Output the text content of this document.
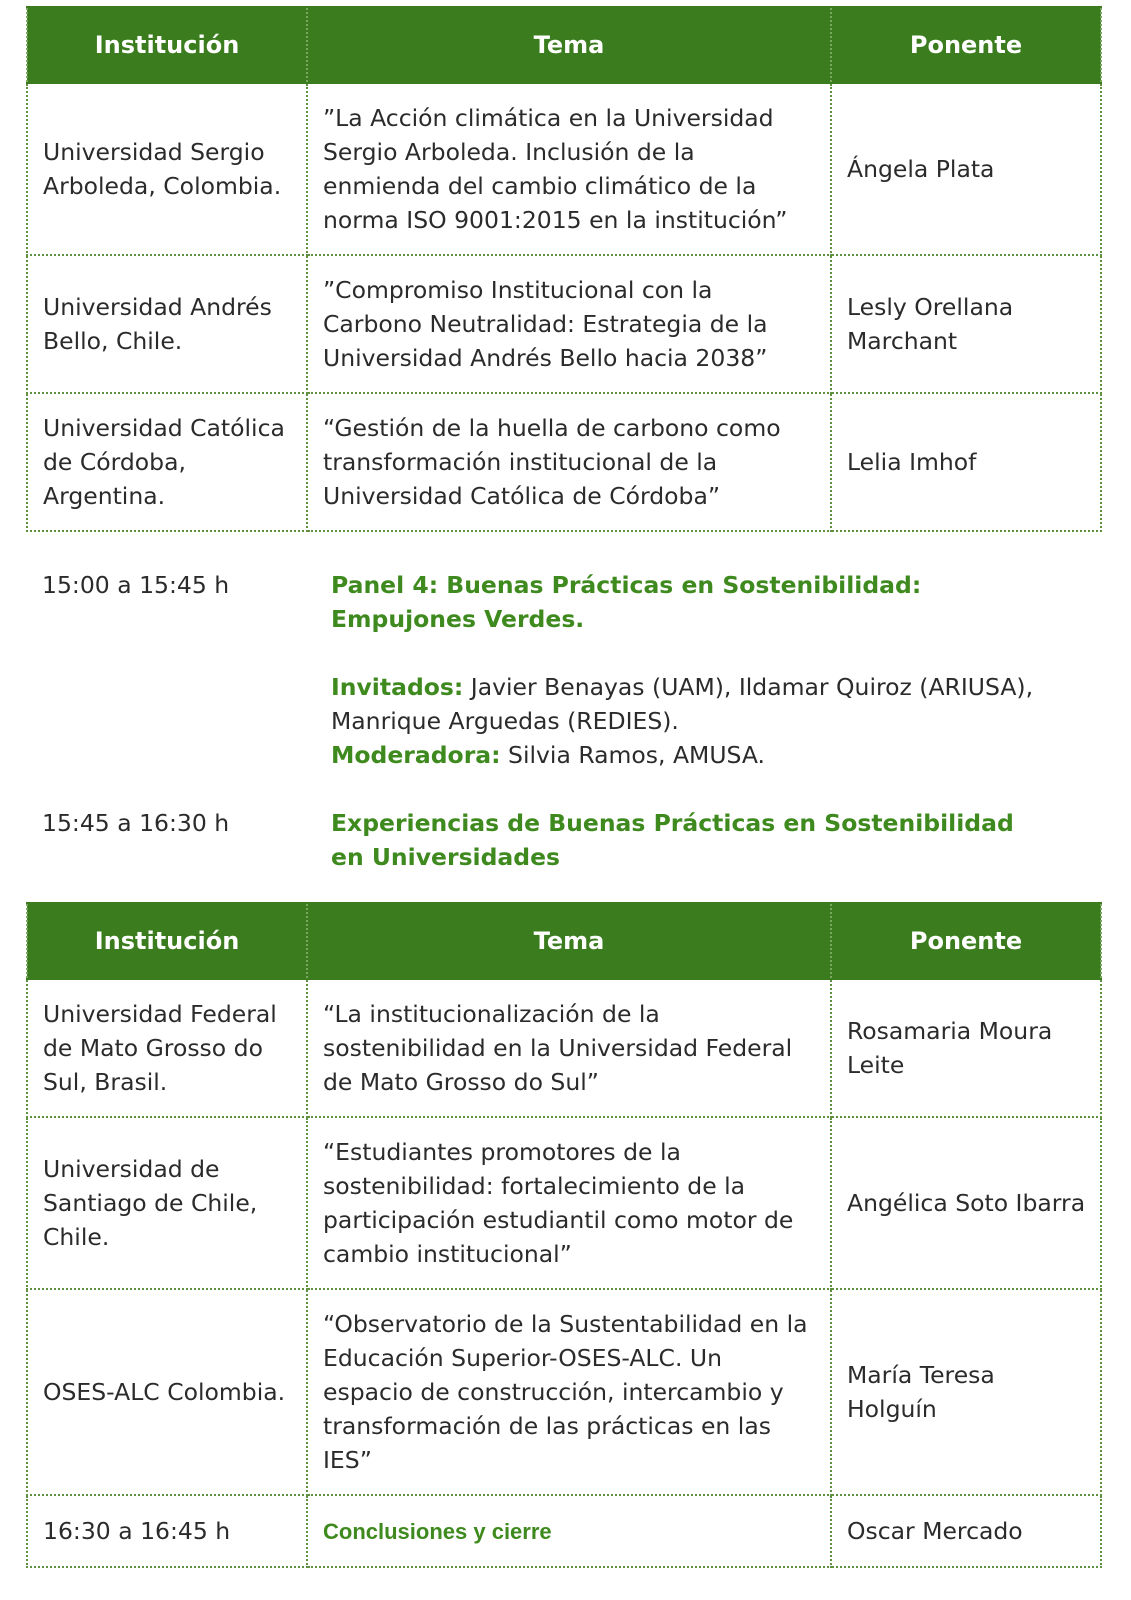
Institución	Tema	Ponente
Universidad Sergio Arboleda, Colombia.	”La Acción climática en la Universidad Sergio Arboleda. Inclusión de la enmienda del cambio climático de la norma ISO 9001:2015 en la institución”	Ángela Plata
Universidad Andrés Bello, Chile.	”Compromiso Institucional con la Carbono Neutralidad: Estrategia de la Universidad Andrés Bello hacia 2038”	Lesly Orellana Marchant
Universidad Católica de Córdoba, Argentina.	“Gestión de la huella de carbono como transformación institucional de la Universidad Católica de Córdoba”	Lelia Imhof
15:00 a 15:45 h	Panel 4: Buenas Prácticas en Sostenibilidad: Empujones Verdes.
Invitados: Javier Benayas (UAM), Ildamar Quiroz (ARIUSA), Manrique Arguedas (REDIES).
Moderadora: Silvia Ramos, AMUSA.
15:45 a 16:30 h	Experiencias de Buenas Prácticas en Sostenibilidad en Universidades
Institución	Tema	Ponente
Universidad Federal de Mato Grosso do Sul, Brasil.	“La institucionalización de la sostenibilidad en la Universidad Federal de Mato Grosso do Sul”	Rosamaria Moura Leite
Universidad de Santiago de Chile, Chile.	“Estudiantes promotores de la sostenibilidad: fortalecimiento de la participación estudiantil como motor de cambio institucional”	Angélica Soto Ibarra
OSES-ALC Colombia.	“Observatorio de la Sustentabilidad en la Educación Superior-OSES-ALC. Un espacio de construcción, intercambio y transformación de las prácticas en las IES”	María Teresa Holguín
16:30 a 16:45 h	Conclusiones y cierre	Oscar Mercado
